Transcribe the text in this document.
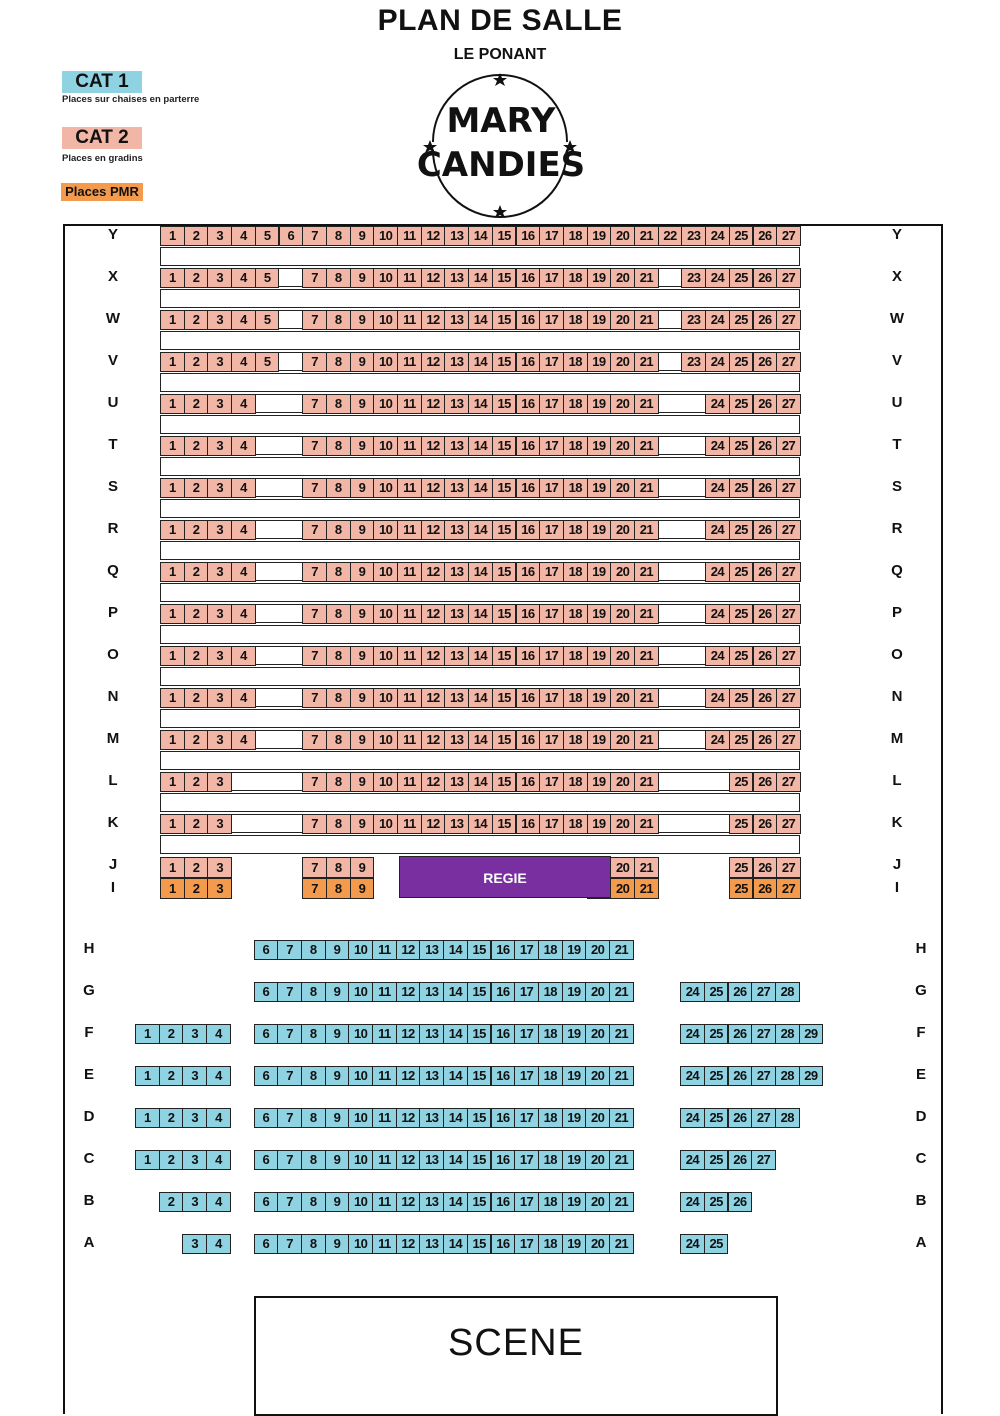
PLAN DE SALLE
LE PONANT
CAT 1
Places sur chaises en parterre
CAT 2
Places en gradins
Places PMR
MARY
CANDIES
Y	Y
1	2	3	4	5	6	7	8	9	10 11 12 13 14 15 16 17 18 19 20 21 22 23 24 25 26 27
X	X
1	2	3	4	5	7	8	9	10 11 12 13 14 15 16 17 18 19 20 21	23 24 25 26 27
W	W
1	2	3	4	5	7	8	9	10 11 12 13 14 15 16 17 18 19 20 21	23 24 25 26 27
V	V
1	2	3	4	5	7	8	9	10 11 12 13 14 15 16 17 18 19 20 21	23 24 25 26 27
U	U
1	2	3	4	7	8	9	10 11 12 13 14 15 16 17 18 19 20 21	24 25 26 27
T	T
1	2	3	4	7	8	9	10 11 12 13 14 15 16 17 18 19 20 21	24 25 26 27
S	S
1	2	3	4	7	8	9	10 11 12 13 14 15 16 17 18 19 20 21	24 25 26 27
R	R
1	2	3	4	7	8	9	10 11 12 13 14 15 16 17 18 19 20 21	24 25 26 27
Q	Q
1	2	3	4	7	8	9	10 11 12 13 14 15 16 17 18 19 20 21	24 25 26 27
P	P
1	2	3	4	7	8	9	10 11 12 13 14 15 16 17 18 19 20 21	24 25 26 27
O	O
1	2	3	4	7	8	9	10 11 12 13 14 15 16 17 18 19 20 21	24 25 26 27
N	N
1	2	3	4	7	8	9	10 11 12 13 14 15 16 17 18 19 20 21	24 25 26 27
M	M
1	2	3	4	7	8	9	10 11 12 13 14 15 16 17 18 19 20 21	24 25 26 27
L	L
1	2	3	7	8	9	10 11 12 13 14 15 16 17 18 19 20 21	25 26 27
K	K
1	2	3	7	8	9	10 11 12 13 14 15 16 17 18 19 20 21	25 26 27
J	J
1	2	3	7	8	9	20 21	25 26 27
I	I
1	2	3	7	8	9	20 21	25 26 27
H	H
6	7	8	9	10 11 12 13 14 15 16 17 18 19 20 21
G	G
6	7	8	9	10 11 12 13 14 15 16 17 18 19 20 21	24 25 26 27 28
F	F
1	2	3	4	6	7	8	9	10 11 12 13 14 15 16 17 18 19 20 21	24 25 26 27 28 29
E	E
1	2	3	4	6	7	8	9	10 11 12 13 14 15 16 17 18 19 20 21	24 25 26 27 28 29
D	D
1	2	3	4	6	7	8	9	10 11 12 13 14 15 16 17 18 19 20 21	24 25 26 27 28
C	C
1	2	3	4	6	7	8	9	10 11 12 13 14 15 16 17 18 19 20 21	24 25 26 27
B	B
2	3	4	6	7	8	9	10 11 12 13 14 15 16 17 18 19 20 21	24 25 26
A	A
3	4	6	7	8	9	10 11 12 13 14 15 16 17 18 19 20 21	24 25
REGIE
SCENE
